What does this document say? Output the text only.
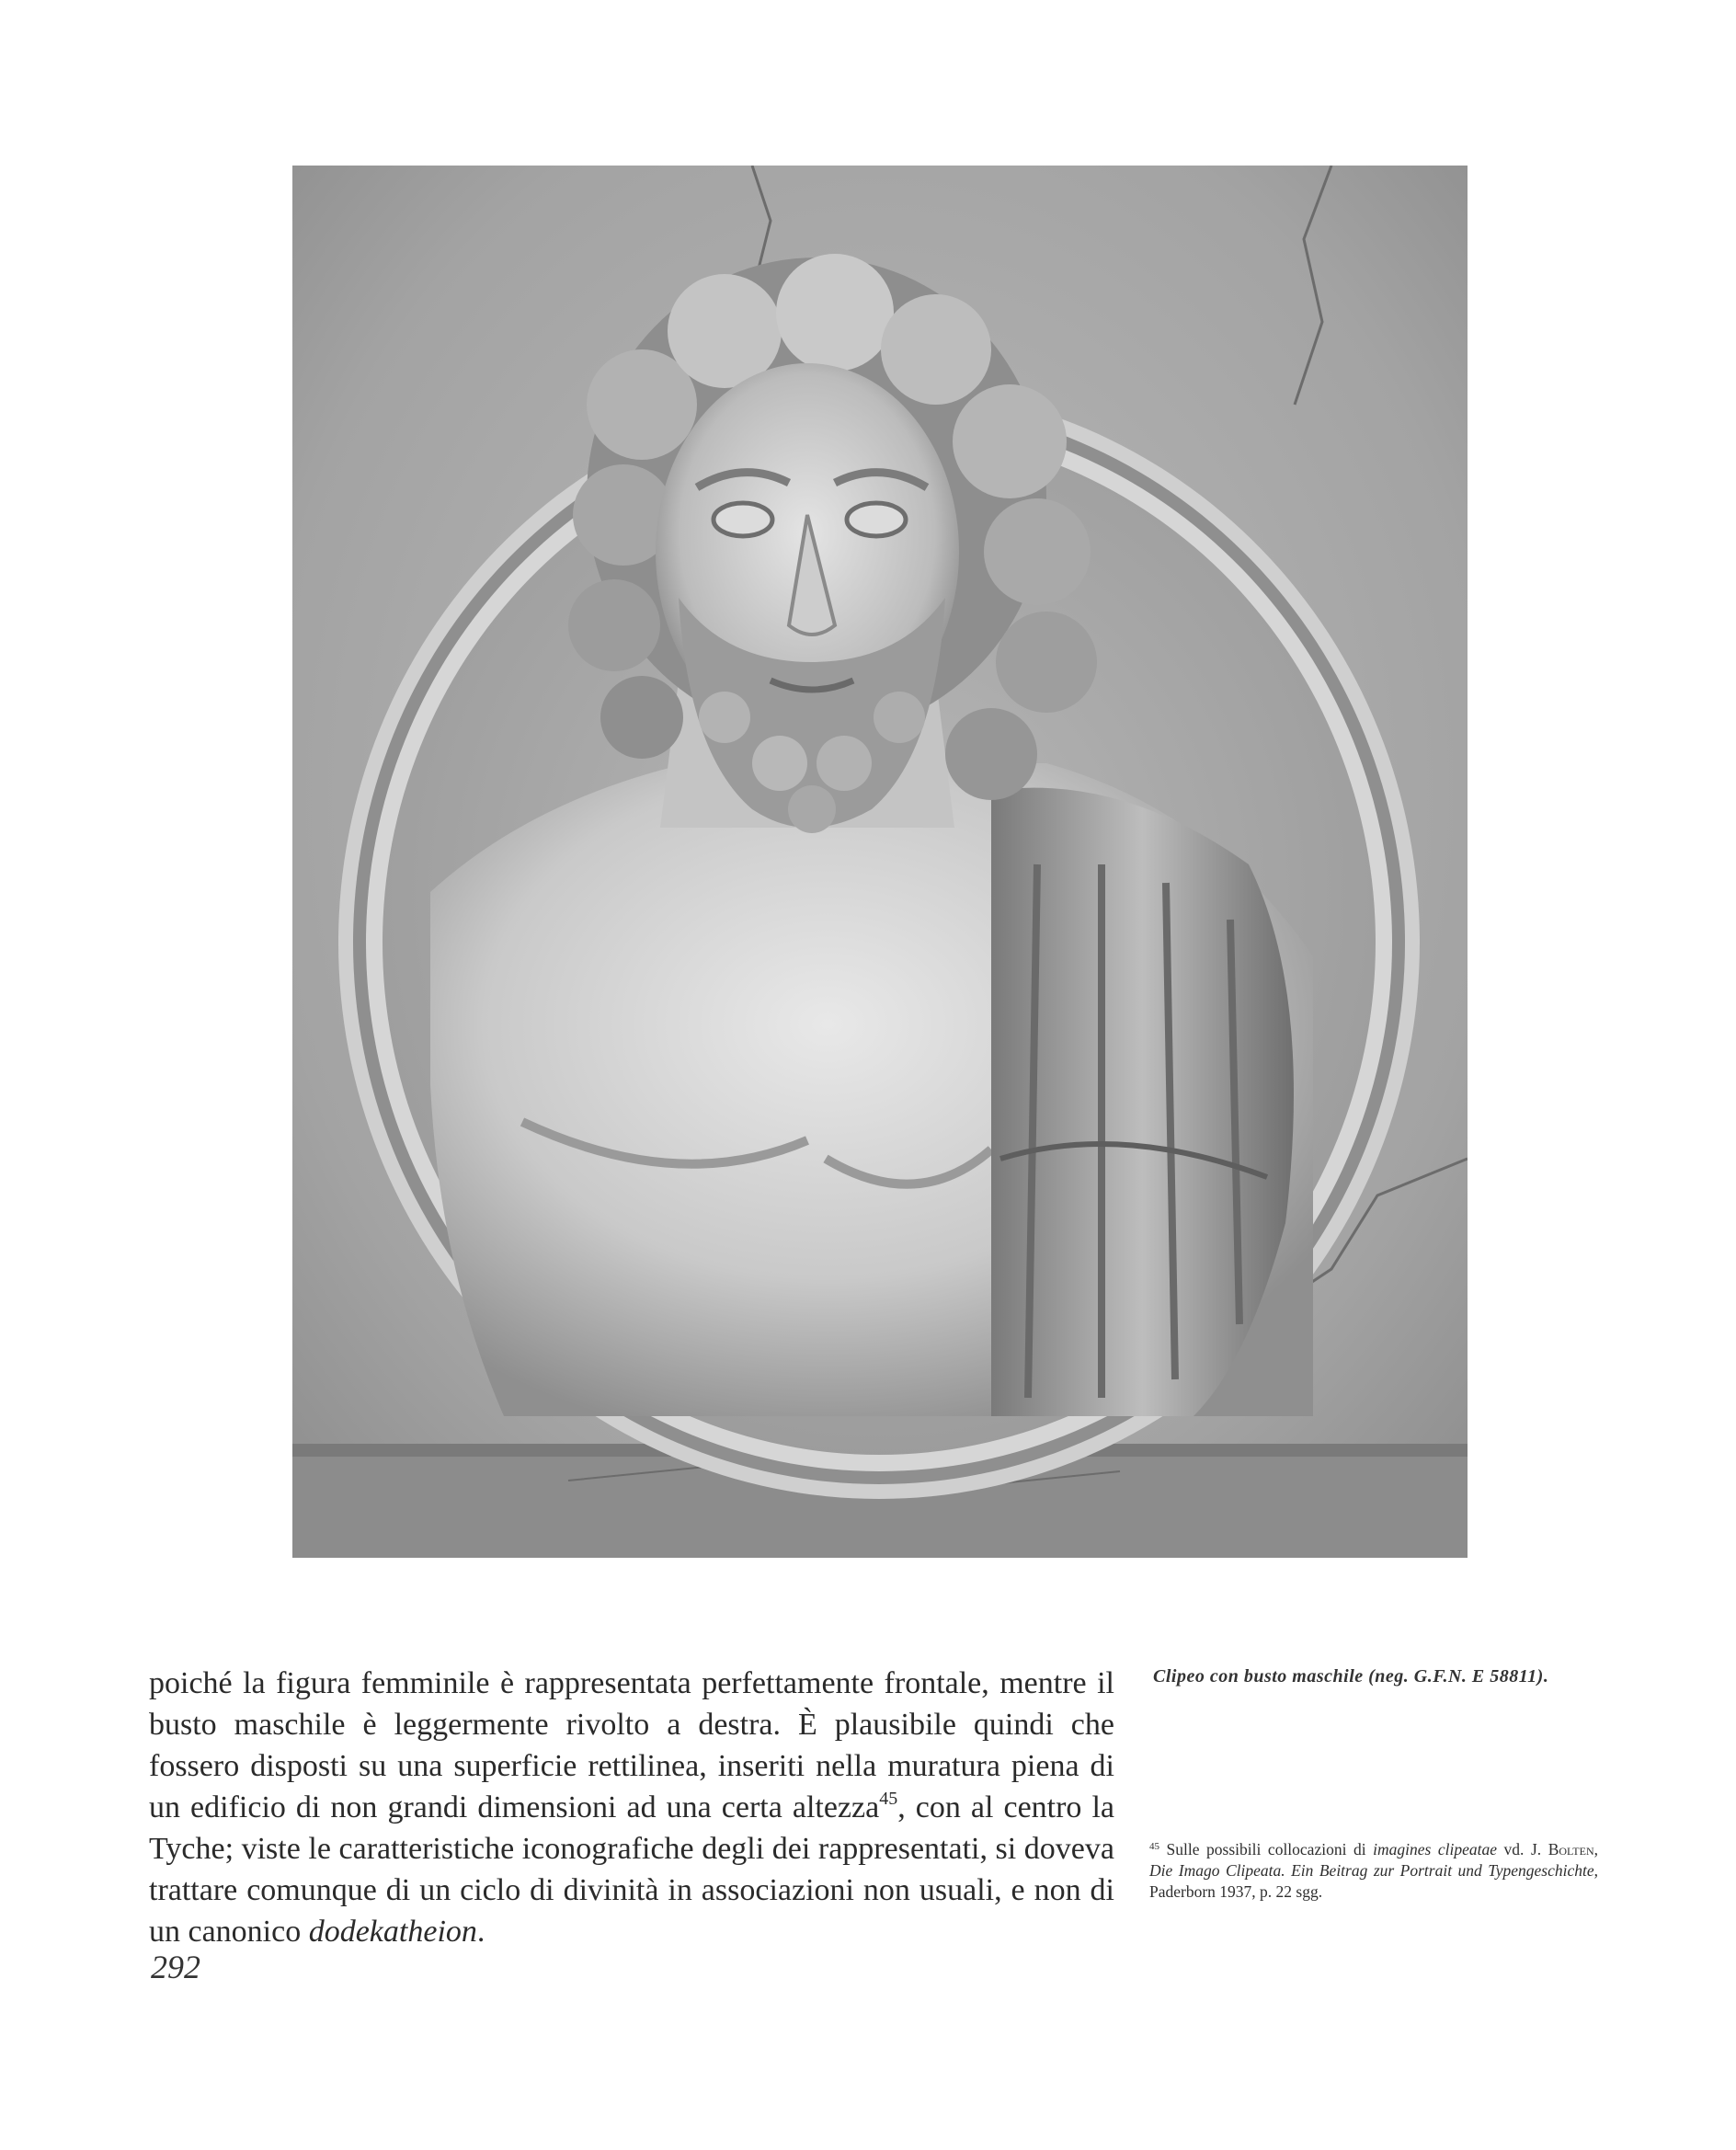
poiché la figura femminile è rappresentata perfettamente frontale, mentre il busto maschile è leggermente rivolto a destra. È plausibile quindi che fossero disposti su una superficie rettilinea, inseriti nella muratura piena di un edificio di non grandi dimensioni ad una certa altezza$^{45}$, con al centro la Tyche; viste le caratteristiche iconografiche degli dei rappresentati, si doveva trattare comunque di un ciclo di divinità in associazioni non usuali, e non di un canonico dodekatheion.

Clipeo con busto maschile (neg. G.F.N. E 58811).
$^{45}$ Sulle possibili collocazioni di imagines clipeatae vd. J. Bolten, Die Imago Clipeata. Ein Beitrag zur Portrait und Typengeschichte, Paderborn 1937, p. 22 sgg.
292
